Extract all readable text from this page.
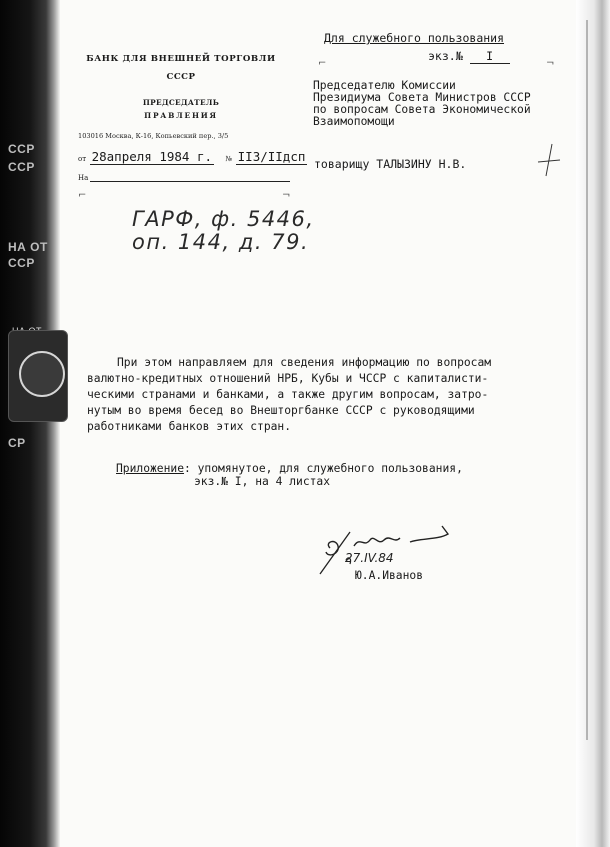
ССР
ССР
НА ОТ
ССР
СР
БАНК ДЛЯ ВНЕШНЕЙ ТОРГОВЛИ
СССР
ПРЕДСЕДАТЕЛЬ
ПРАВЛЕНИЯ
103016 Москва, К-16, Копьевский пер., 3/5
Для служебного пользования
экз.№ I
⌐	¬
⌐	¬
Председателю Комиссии
Президиума Совета Министров СССР
по вопросам Совета Экономической
Взаимопомощи
от 28апреля 1984 г. № II3/IIдсп товарищу ТАЛЫЗИНУ Н.В.
На
ГАРФ, ф. 5446,
оп. 144, д. 79.
При этом направляем для сведения информацию по вопросам
валютно-кредитных отношений НРБ, Кубы и ЧССР с капиталисти-
ческими странами и банками, а также другим вопросам, затро-
нутым во время бесед во Внешторгбанке СССР с руководящими
работниками банков этих стран.
Приложение: упомянутое, для служебного пользования,
экз.№ I, на 4 листах
27.IV.84
Ю.А.Иванов
